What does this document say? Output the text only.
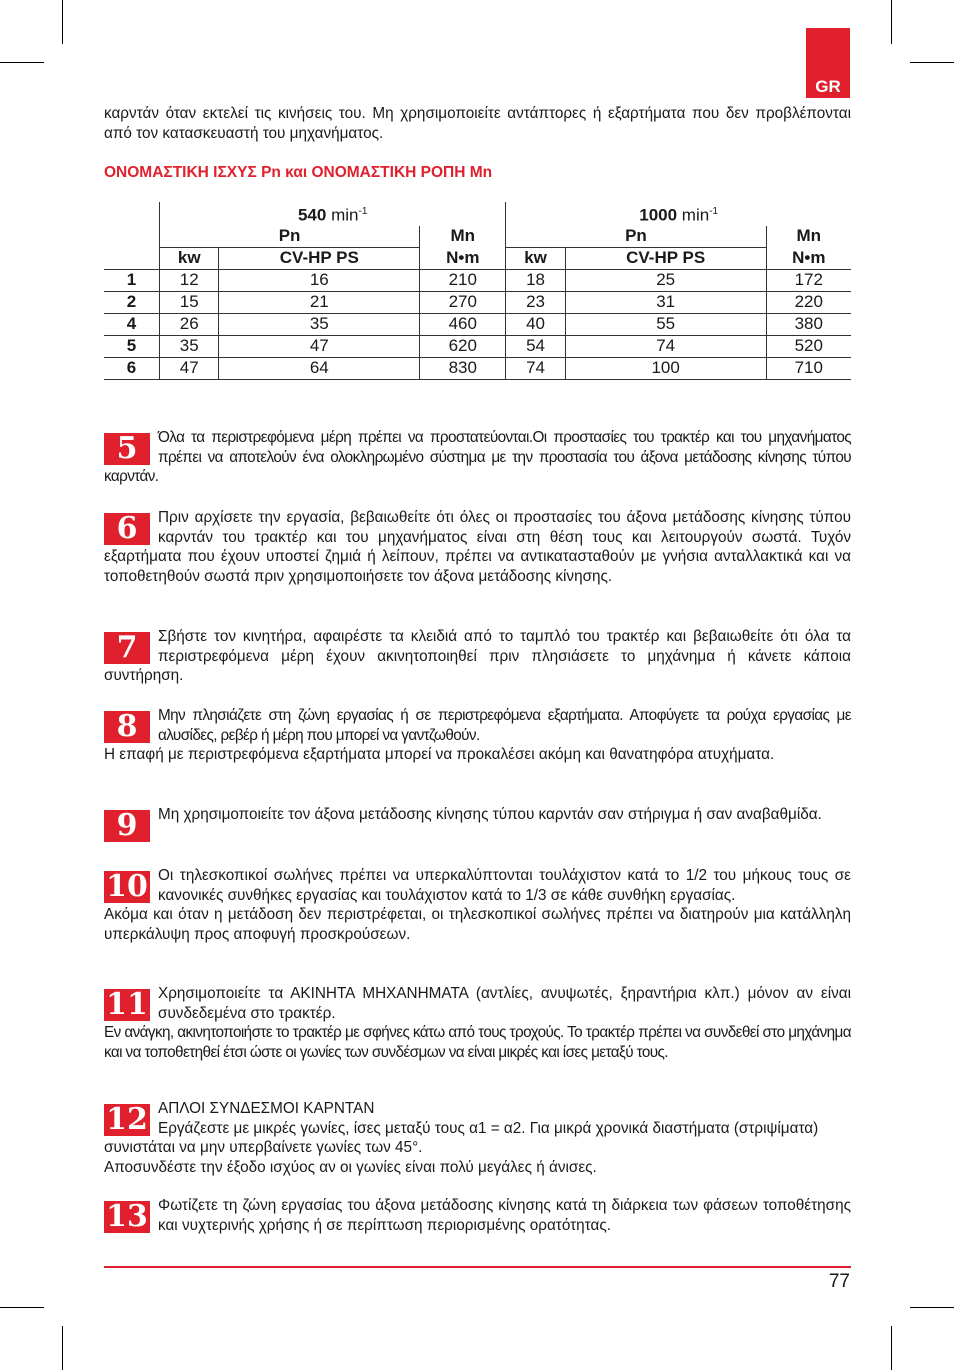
GR
καρντάν όταν εκτελεί τις κινήσεις του. Μη χρησιμοποιείτε αντάπτορες ή εξαρτήματα που δεν προβλέπονται από τον κατασκευαστή του μηχανήματος.
ΟΝΟΜΑΣΤΙΚΗ ΙΣΧΥΣ Pn και ΟΝΟΜΑΣΤΙΚΗ ΡΟΠΗ Mn
	540 $\min^{-1}$			1000 $\min^{-1}$
	Pn		Mn	Pn		Mn
	kw	CV-HP PS	N•m	kw	CV-HP PS	N•m
1	12	16	210	18	25	172
2	15	21	270	23	31	220
4	26	35	460	40	55	380
5	35	47	620	54	74	520
6	47	64	830	74	100	710
5	Όλα τα περιστρεφόμενα μέρη πρέπει να προστατεύονται.Οι προστασίες του τρακτέρ και του μηχανήματος πρέπει να αποτελούν ένα ολοκληρωμένο σύστημα με την προστασία του άξονα μετάδοσης κίνησης τύπου καρντάν.

6	Πριν αρχίσετε την εργασία, βεβαιωθείτε ότι όλες οι προστασίες του άξονα μετάδοσης κίνησης τύπου καρντάν του τρακτέρ και του μηχανήματος είναι στη θέση τους και λειτουργούν σωστά. Τυχόν εξαρτήματα που έχουν υποστεί ζημιά ή λείπουν, πρέπει να αντικατασταθούν με γνήσια ανταλλακτικά και να τοποθετηθούν σωστά πριν χρησιμοποιήσετε τον άξονα μετάδοσης κίνησης.

7	Σβήστε τον κινητήρα, αφαιρέστε τα κλειδιά από το ταμπλό του τρακτέρ και βεβαιωθείτε ότι όλα τα περιστρεφόμενα μέρη έχουν ακινητοποιηθεί πριν πλησιάσετε το μηχάνημα ή κάνετε κάποια συντήρηση.

8	Μην πλησιάζετε στη ζώνη εργασίας ή σε περιστρεφόμενα εξαρτήματα. Αποφύγετε τα ρούχα εργασίας με αλυσίδες, ρεβέρ ή μέρη που μπορεί να γαντζωθούν.

Η επαφή με περιστρεφόμενα εξαρτήματα μπορεί να προκαλέσει ακόμη και θανατηφόρα ατυχήματα.

9	Μη χρησιμοποιείτε τον άξονα μετάδοσης κίνησης τύπου καρντάν σαν στήριγμα ή σαν αναβαθμίδα.

10 Οι τηλεσκοπικοί σωλήνες πρέπει να υπερκαλύπτονται τουλάχιστον κατά το 1/2 του μήκους τους σε κανονικές συνθήκες εργασίας και τουλάχιστον κατά το 1/3 σε κάθε συνθήκη εργασίας.

Ακόμα και όταν η μετάδοση δεν περιστρέφεται, οι τηλεσκοπικοί σωλήνες πρέπει να διατηρούν μια κατάλληλη υπερκάλυψη προς αποφυγή προσκρούσεων.

11 Χρησιμοποιείτε τα ΑΚΙΝΗΤΑ ΜΗΧΑΝΗΜΑΤΑ (αντλίες, ανυψωτές, ξηραντήρια κλπ.) μόνον αν είναι συνδεδεμένα στο τρακτέρ.

Εν ανάγκη, ακινητοποιήστε το τρακτέρ με σφήνες κάτω από τους τροχούς. Το τρακτέρ πρέπει να συνδεθεί στο μηχάνημα και να τοποθετηθεί έτσι ώστε οι γωνίες των συνδέσμων να είναι μικρές και ίσες μεταξύ τους.

12 ΑΠΛΟΙ ΣΥΝΔΕΣΜΟΙ ΚΑΡΝΤΑΝ

Εργάζεστε με μικρές γωνίες, ίσες μεταξύ τους α1 = α2. Για μικρά χρονικά διαστήματα (στριψίματα) συνιστάται να μην υπερβαίνετε γωνίες των 45°.

Αποσυνδέστε την έξοδο ισχύος αν οι γωνίες είναι πολύ μεγάλες ή άνισες.

13 Φωτίζετε τη ζώνη εργασίας του άξονα μετάδοσης κίνησης κατά τη διάρκεια των φάσεων τοποθέτησης και νυχτερινής χρήσης ή σε περίπτωση περιορισμένης ορατότητας.

77
